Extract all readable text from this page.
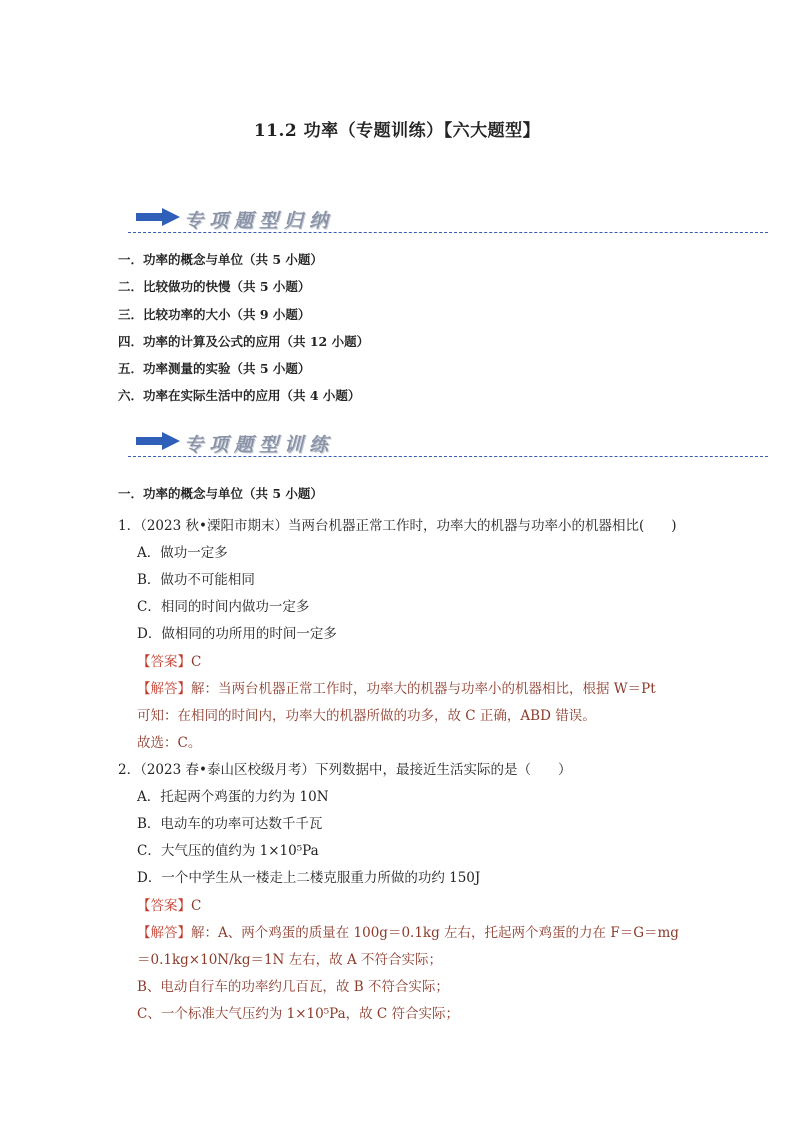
11.2 功率（专题训练）【六大题型】
专项题型归纳
一．功率的概念与单位（共 5 小题）
二．比较做功的快慢（共 5 小题）
三．比较功率的大小（共 9 小题）
四．功率的计算及公式的应用（共 12 小题）
五．功率测量的实验（共 5 小题）
六．功率在实际生活中的应用（共 4 小题）
专项题型训练
一．功率的概念与单位（共 5 小题）
1．（2023 秋•溧阳市期末）当两台机器正常工作时，功率大的机器与功率小的机器相比(　　)
A．做功一定多
B．做功不可能相同
C．相同的时间内做功一定多
D．做相同的功所用的时间一定多
【答案】C
【解答】解：当两台机器正常工作时，功率大的机器与功率小的机器相比，根据 W＝Pt
可知：在相同的时间内，功率大的机器所做的功多，故 C 正确，ABD 错误。
故选：C。
2．（2023 春•泰山区校级月考）下列数据中，最接近生活实际的是（　　）
A．托起两个鸡蛋的力约为 10N
B．电动车的功率可达数千千瓦
C．大气压的值约为 1×10⁵Pa
D．一个中学生从一楼走上二楼克服重力所做的功约 150J
【答案】C
【解答】解：A、两个鸡蛋的质量在 100g＝0.1kg 左右，托起两个鸡蛋的力在 F＝G＝mg
＝0.1kg×10N/kg＝1N 左右，故 A 不符合实际；
B、电动自行车的功率约几百瓦，故 B 不符合实际；
C、一个标准大气压约为 1×10⁵Pa，故 C 符合实际；
